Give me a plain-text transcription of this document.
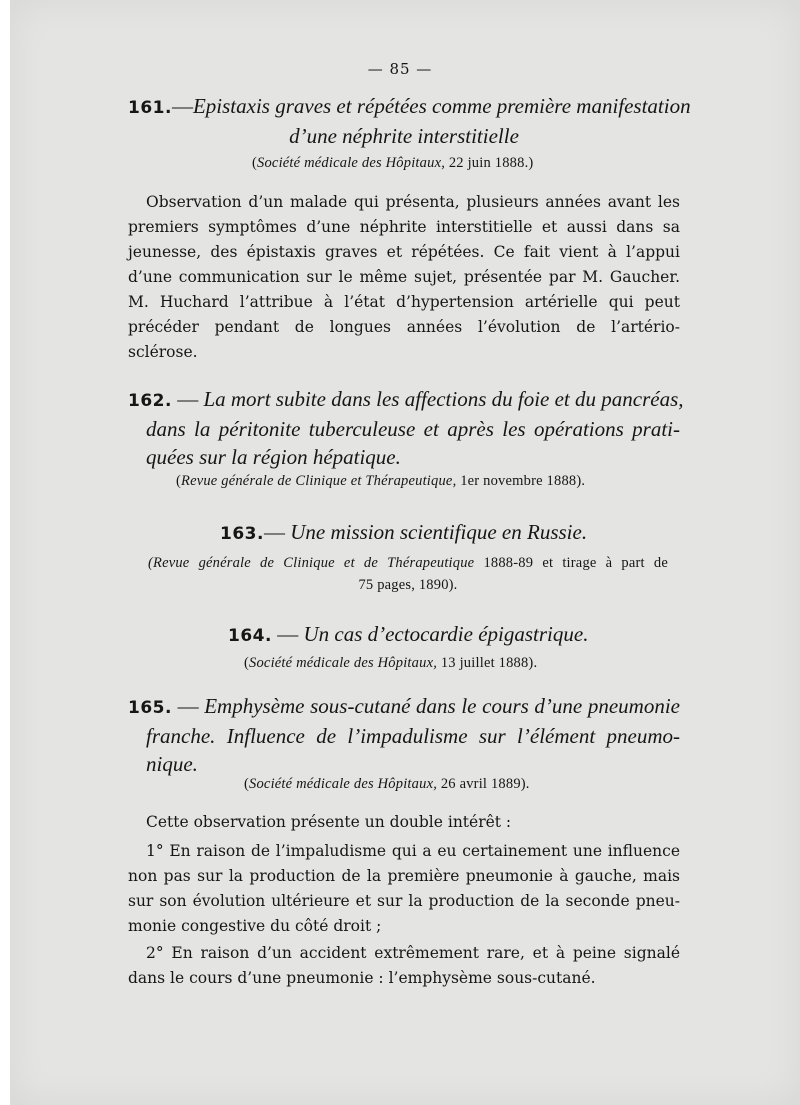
— 85 —
161.—Epistaxis graves et répétées comme première manifestation
d’une néphrite interstitielle
(Société médicale des Hôpitaux, 22 juin 1888.)
Observation d’un malade qui présenta, plusieurs années avant les
premiers symptômes d’une néphrite interstitielle et aussi dans sa
jeunesse, des épistaxis graves et répétées. Ce fait vient à l’appui
d’une communication sur le même sujet, présentée par M. Gaucher.
M. Huchard l’attribue à l’état d’hypertension artérielle qui peut
précéder pendant de longues années l’évolution de l’artério-
sclérose.
162. — La mort subite dans les affections du foie et du pancréas,
dans la péritonite tuberculeuse et après les opérations prati-
quées sur la région hépatique.
(Revue générale de Clinique et Thérapeutique, 1er novembre 1888).
163.— Une mission scientifique en Russie.
(Revue générale de Clinique et de Thérapeutique 1888-89 et tirage à part de
75 pages, 1890).
164. — Un cas d’ectocardie épigastrique.
(Société médicale des Hôpitaux, 13 juillet 1888).
165. — Emphysème sous-cutané dans le cours d’une pneumonie
franche. Influence de l’impadulisme sur l’élément pneumo-
nique.
(Société médicale des Hôpitaux, 26 avril 1889).
Cette observation présente un double intérêt :
1° En raison de l’impaludisme qui a eu certainement une influence
non pas sur la production de la première pneumonie à gauche, mais
sur son évolution ultérieure et sur la production de la seconde pneu-
monie congestive du côté droit ;
2° En raison d’un accident extrêmement rare, et à peine signalé
dans le cours d’une pneumonie : l’emphysème sous-cutané.
